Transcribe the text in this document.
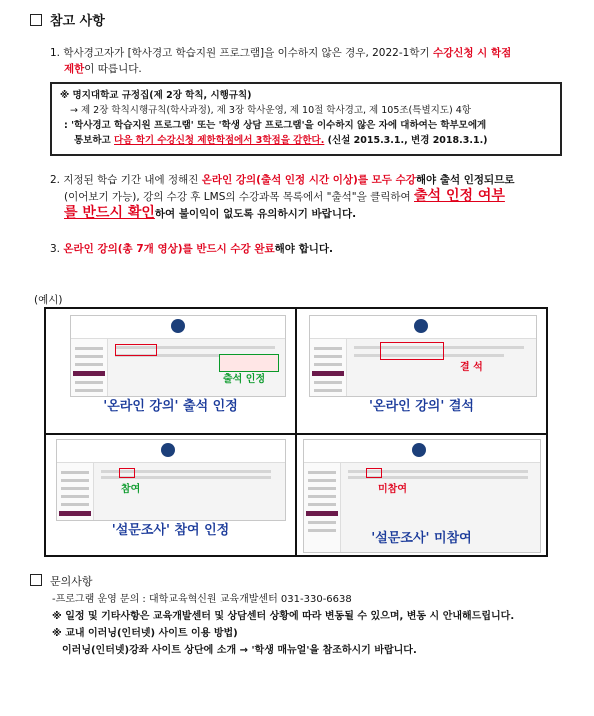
참고 사항
1. 학사경고자가 [학사경고 학습지원 프로그램]을 이수하지 않은 경우, 2022-1학기 수강신청 시 학점
제한이 따릅니다.
※ 명지대학교 규정집(제 2장 학칙, 시행규칙)
→ 제 2장 학칙시행규칙(학사과정), 제 3장 학사운영, 제 10절 학사경고, 제 105조(특별지도) 4항
: '학사경고 학습지원 프로그램' 또는 '학생 상담 프로그램'을 이수하지 않은 자에 대하여는 학부모에게
통보하고 다음 학기 수강신청 제한학점에서 3학점을 감한다. (신설 2015.3.1., 변경 2018.3.1.)
2. 지정된 학습 기간 내에 정해진 온라인 강의(출석 인정 시간 이상)를 모두 수강해야 출석 인정되므로
(이어보기 가능), 강의 수강 후 LMS의 수강과목 목록에서 "출석"을 클릭하여 출석 인정 여부
를 반드시 확인하여 불이익이 없도록 유의하시기 바랍니다.
3. 온라인 강의(총 7개 영상)를 반드시 수강 완료해야 합니다.
(예시)
출석 인정
'온라인 강의' 출석 인정
결 석
'온라인 강의' 결석
참여
'설문조사' 참여 인정
미참여
'설문조사' 미참여
문의사항
-프로그램 운영 문의 : 대학교육혁신원 교육개발센터 031-330-6638
※ 일정 및 기타사항은 교육개발센터 및 상담센터 상황에 따라 변동될 수 있으며, 변동 시 안내해드립니다.
※ 교내 이러닝(인터넷) 사이트 이용 방법)
이러닝(인터넷)강좌 사이트 상단에 소개 → '학생 매뉴얼'을 참조하시기 바랍니다.
